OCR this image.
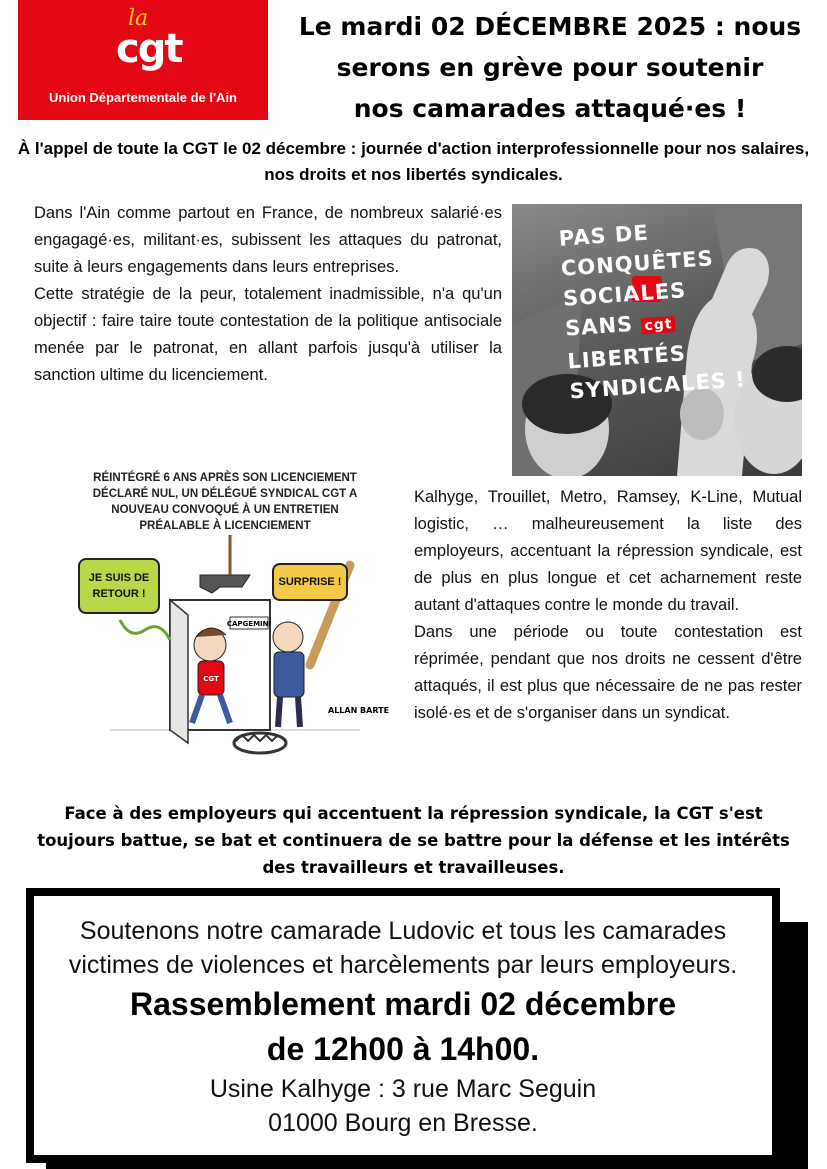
la
cgt
Union Départementale de l'Ain
Le mardi 02 DÉCEMBRE 2025 : nous
serons en grève pour soutenir
nos camarades attaqué·es !
À l'appel de toute la CGT le 02 décembre : journée d'action interprofessionnelle pour nos salaires, nos droits et nos libertés syndicales.

Dans l'Ain comme partout en France, de nombreux salarié·es engagagé·es, militant·es, subissent les attaques du patronat, suite à leurs engagements dans leurs entreprises.

Cette stratégie de la peur, totalement inadmissible, n'a qu'un objectif : faire taire toute contestation de la politique antisociale menée par le patronat, en allant parfois jusqu'à utiliser la sanction ultime du licenciement.

PAS DE CONQUÊTES
SOCIALES
SANS cgt
LIBERTÉS
SYNDICALES !
RÉINTÉGRÉ 6 ANS APRÈS SON LICENCIEMENT DÉCLARÉ NUL, UN DÉLÉGUÉ SYNDICAL CGT A NOUVEAU CONVOQUÉ À UN ENTRETIEN PRÉALABLE À LICENCIEMENT
CAPGEMINI
CGT
ALLAN BARTE
JE SUIS DE RETOUR !
SURPRISE !

Kalhyge, Trouillet, Metro, Ramsey, K-Line, Mutual logistic, … malheureusement la liste des employeurs, accentuant la répression syndicale, est de plus en plus longue et cet acharnement reste autant d'attaques contre le monde du travail.

Dans une période ou toute contestation est réprimée, pendant que nos droits ne cessent d'être attaqués, il est plus que nécessaire de ne pas rester isolé·es et de s'organiser dans un syndicat.

Face à des employeurs qui accentuent la répression syndicale, la CGT s'est toujours battue, se bat et continuera de se battre pour la défense et les intérêts des travailleurs et travailleuses.
Soutenons notre camarade Ludovic et tous les camarades
victimes de violences et harcèlements par leurs employeurs.
Rassemblement mardi 02 décembre
de 12h00 à 14h00.
Usine Kalhyge : 3 rue Marc Seguin
01000 Bourg en Bresse.
